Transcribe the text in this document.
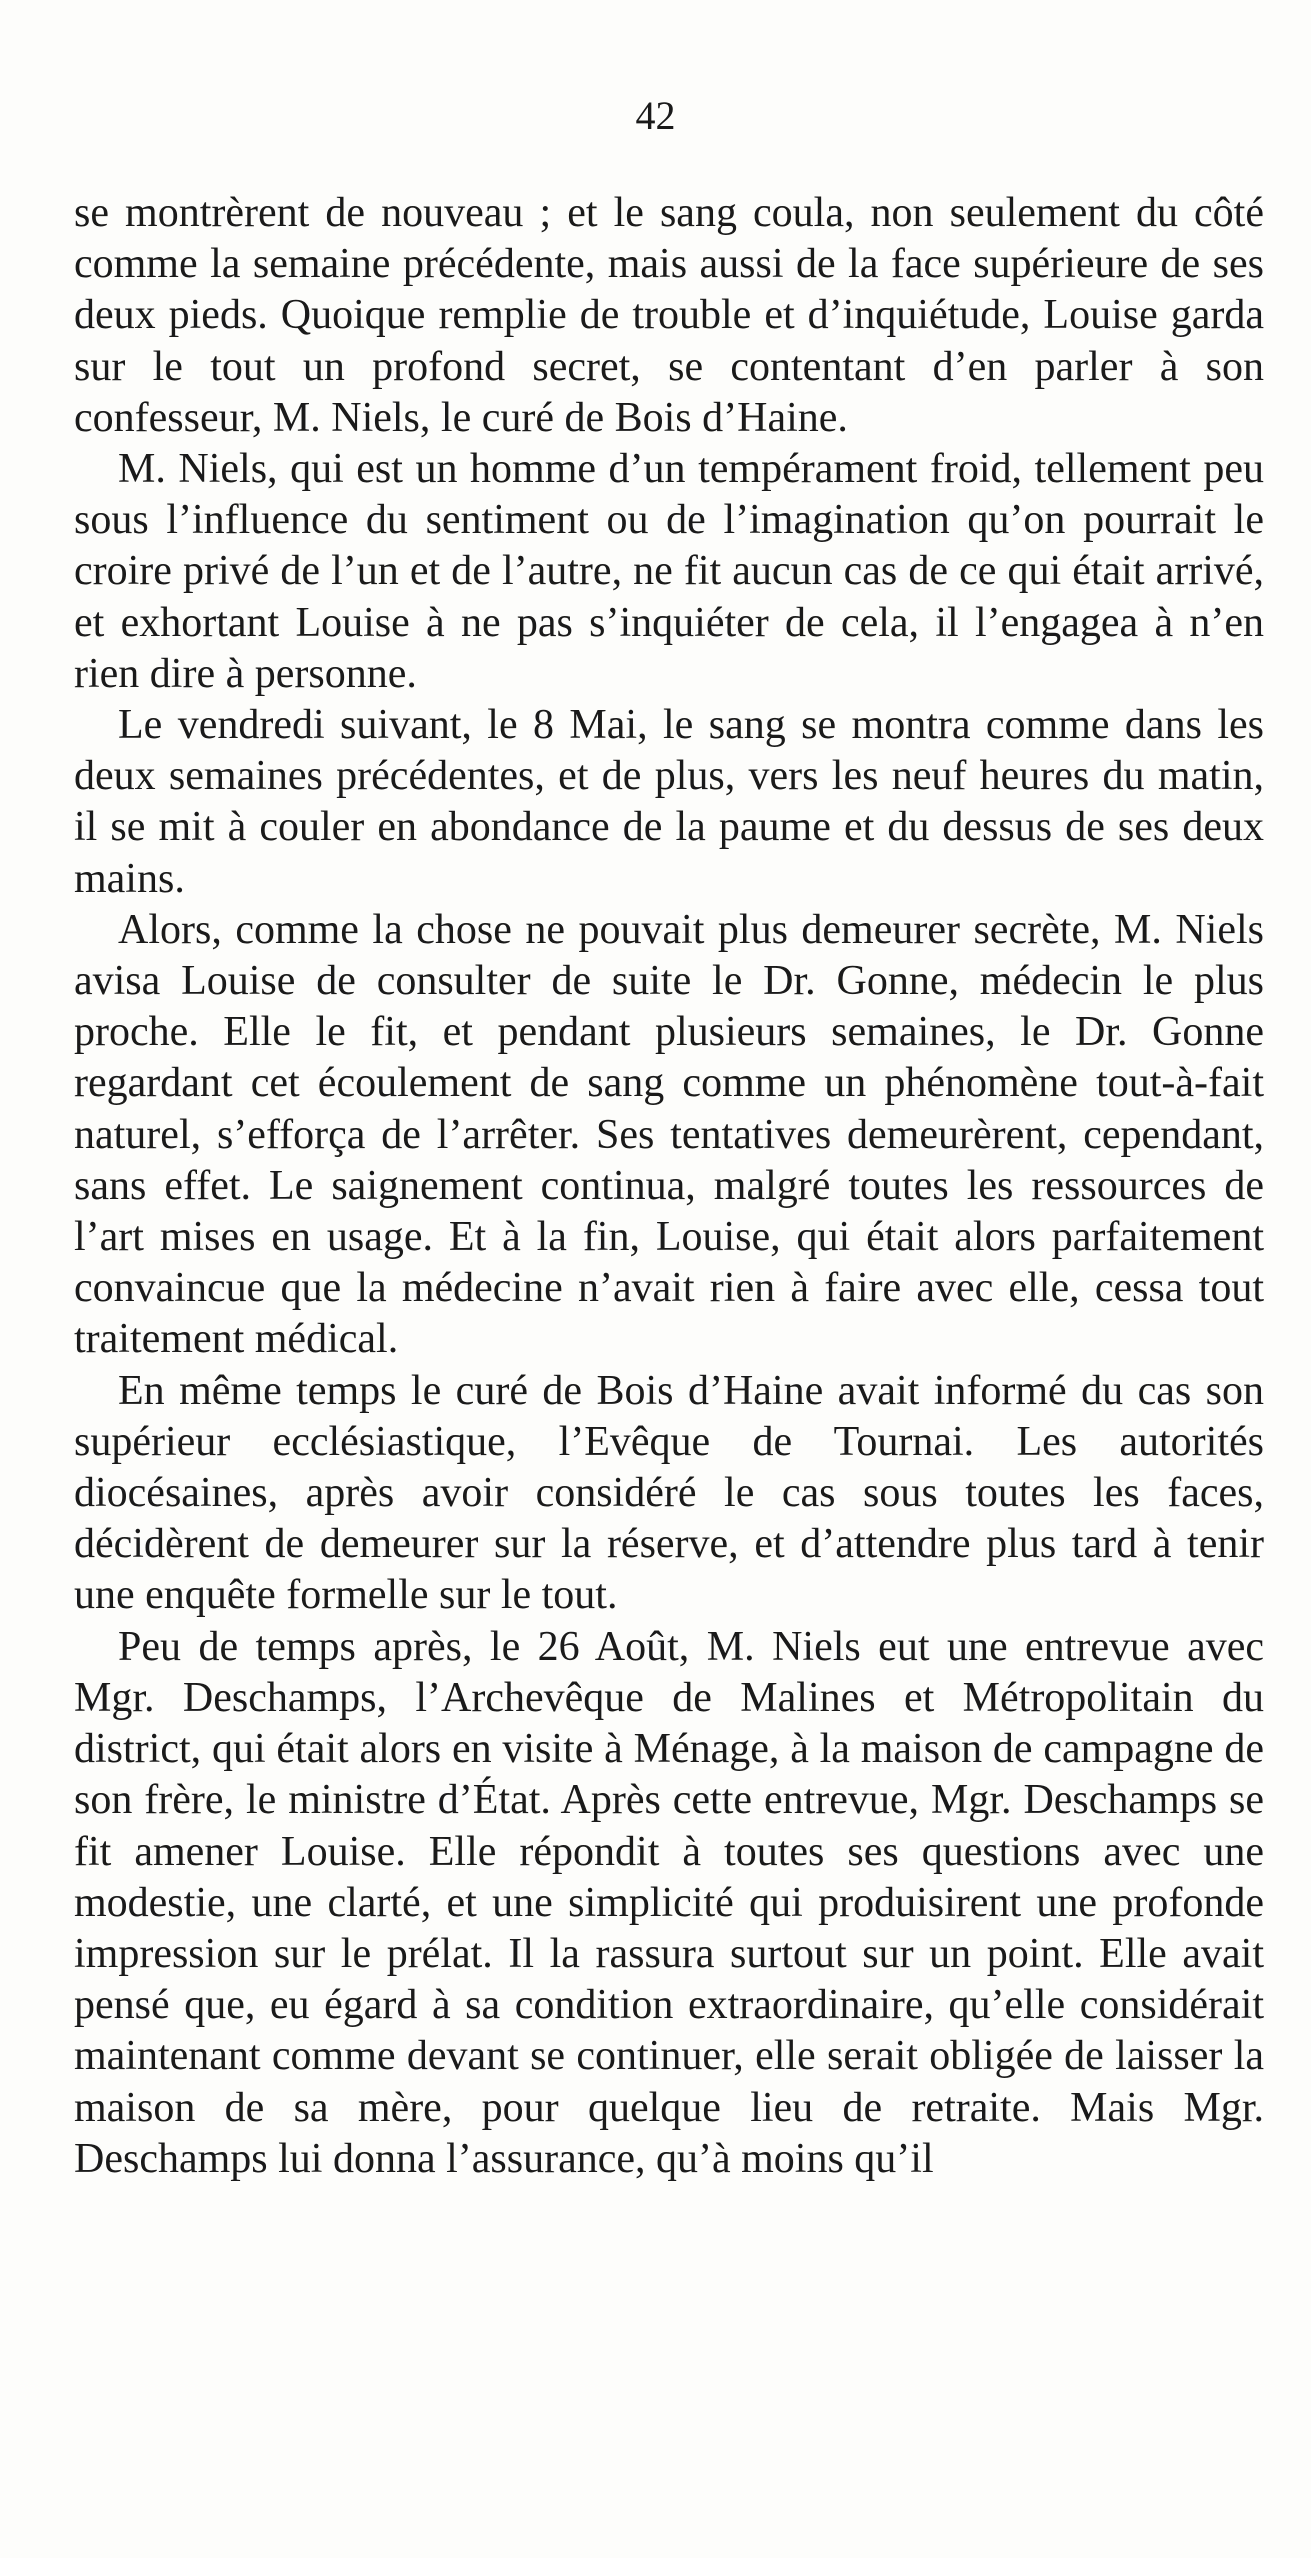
42

se montrèrent de nouveau ; et le sang coula, non seulement du côté comme la semaine précédente, mais aussi de la face supérieure de ses deux pieds. Quoique remplie de trouble et d’inquiétude, Louise garda sur le tout un profond secret, se contentant d’en parler à son confesseur, M. Niels, le curé de Bois d’Haine.

M. Niels, qui est un homme d’un tempérament froid, tellement peu sous l’influence du sentiment ou de l’imagination qu’on pourrait le croire privé de l’un et de l’autre, ne fit aucun cas de ce qui était arrivé, et exhortant Louise à ne pas s’inquiéter de cela, il l’engagea à n’en rien dire à personne.

Le vendredi suivant, le 8 Mai, le sang se montra comme dans les deux semaines précédentes, et de plus, vers les neuf heures du matin, il se mit à couler en abondance de la paume et du dessus de ses deux mains.

Alors, comme la chose ne pouvait plus demeurer secrète, M. Niels avisa Louise de consulter de suite le Dr. Gonne, médecin le plus proche. Elle le fit, et pendant plusieurs semaines, le Dr. Gonne regardant cet écoulement de sang comme un phénomène tout-à-fait naturel, s’efforça de l’arrêter. Ses tentatives demeurèrent, cependant, sans effet. Le saignement continua, malgré toutes les ressources de l’art mises en usage. Et à la fin, Louise, qui était alors parfaitement convaincue que la médecine n’avait rien à faire avec elle, cessa tout traitement médical.

En même temps le curé de Bois d’Haine avait informé du cas son supérieur ecclésiastique, l’Evêque de Tournai. Les autorités diocésaines, après avoir considéré le cas sous toutes les faces, décidèrent de demeurer sur la réserve, et d’attendre plus tard à tenir une enquête formelle sur le tout.

Peu de temps après, le 26 Août, M. Niels eut une entrevue avec Mgr. Deschamps, l’Archevêque de Malines et Métropolitain du district, qui était alors en visite à Ménage, à la maison de campagne de son frère, le ministre d’État. Après cette entrevue, Mgr. Deschamps se fit amener Louise. Elle répondit à toutes ses questions avec une modestie, une clarté, et une simplicité qui produisirent une profonde impression sur le prélat. Il la rassura surtout sur un point. Elle avait pensé que, eu égard à sa condition extraordinaire, qu’elle considérait maintenant comme devant se continuer, elle serait obligée de laisser la maison de sa mère, pour quelque lieu de retraite. Mais Mgr. Deschamps lui donna l’assurance, qu’à moins qu’il
